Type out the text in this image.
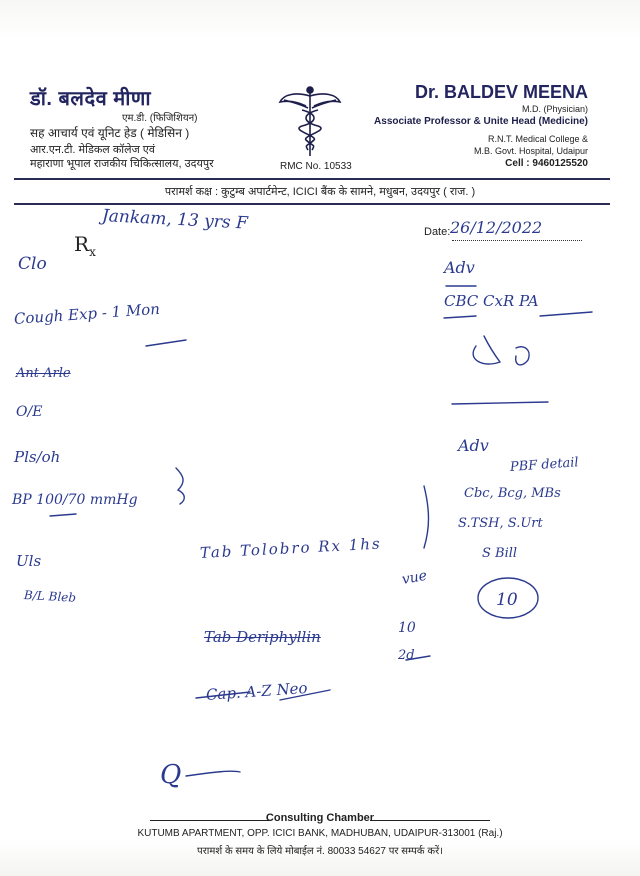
डॉ. बलदेव मीणा
एम.डी. (फिजिशियन)
सह आचार्य एवं यूनिट हेड ( मेडिसिन )
आर.एन.टी. मेडिकल कॉलेज एवं
महाराणा भूपाल राजकीय चिकित्सालय, उदयपुर	RMC No. 10533
Dr. BALDEV MEENA
M.D. (Physician)
Associate Professor & Unite Head (Medicine)
R.N.T. Medical College &
M.B. Govt. Hospital, Udaipur
Cell : 9460125520
परामर्श कक्ष : कुटुम्ब अपार्टमेन्ट, ICICI बैंक के सामने, मधुबन, उदयपुर ( राज. )
$R_x$
Date: 26/12/2022
Jankam, 13 yrs F
Clo
Cough Exp - 1 Mon
Ant Arle
O/E
Pls/oh
BP 100/70 mmHg
Uls
B/L Bleb
Adv
CBC CxR PA
Adv
PBF detail
Cbc, Bcg, MBs
S.TSH, S.Urt
S Bill
Tab Tolobro Rx 1hs
Tab Deriphyllin
Cap. A-Z Neo
10
vue
10
2d
Q
Consulting Chamber
KUTUMB APARTMENT, OPP. ICICI BANK, MADHUBAN, UDAIPUR-313001 (Raj.)
परामर्श के समय के लिये मोबाईल नं. 80033 54627 पर सम्पर्क करें।
